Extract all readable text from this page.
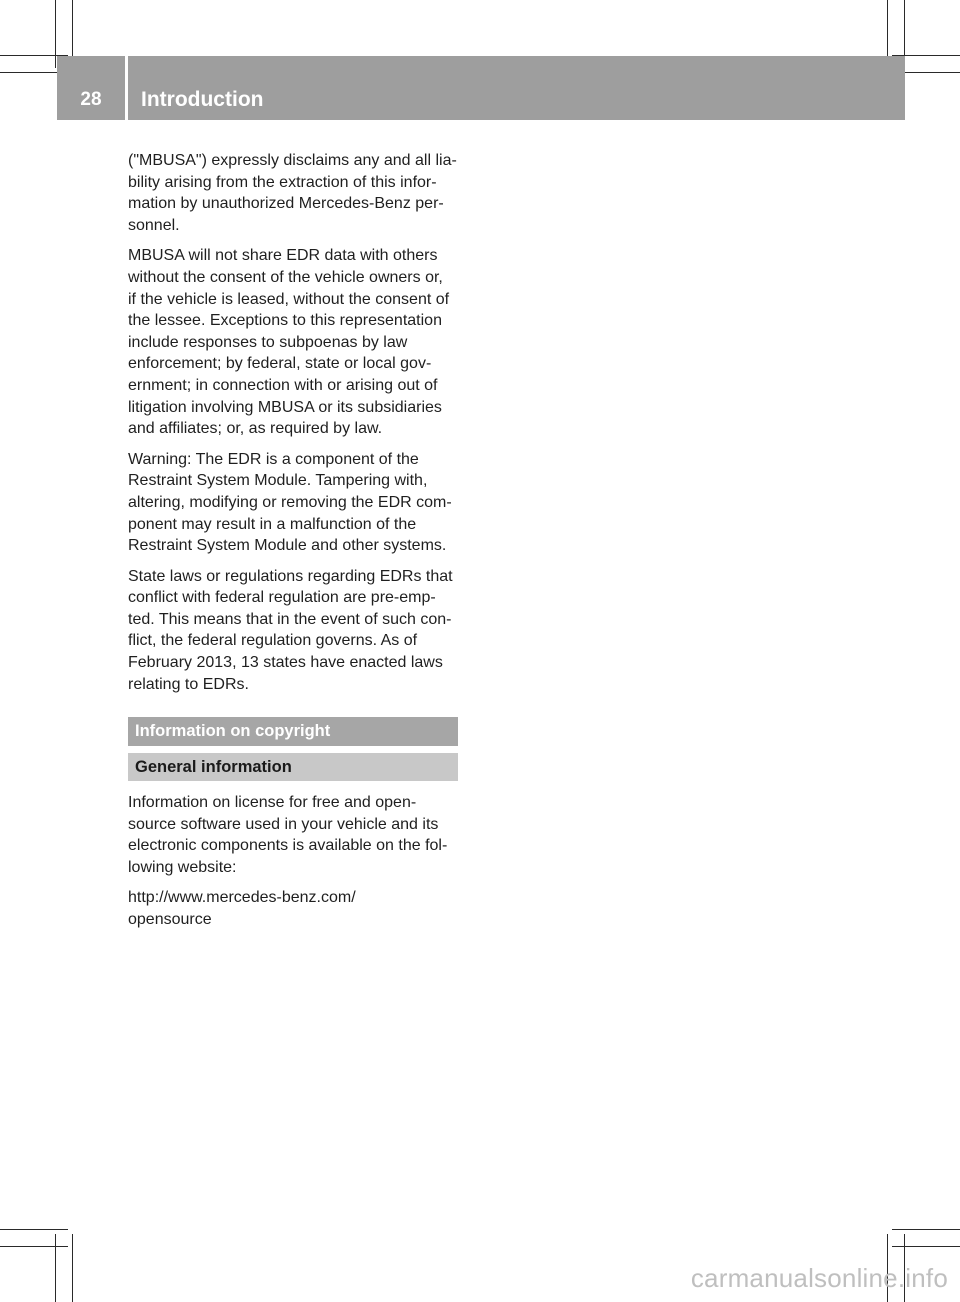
28	Introduction

("MBUSA") expressly disclaims any and all lia-
bility arising from the extraction of this infor-
mation by unauthorized Mercedes-Benz per-
sonnel.

MBUSA will not share EDR data with others
without the consent of the vehicle owners or,
if the vehicle is leased, without the consent of
the lessee. Exceptions to this representation
include responses to subpoenas by law
enforcement; by federal, state or local gov-
ernment; in connection with or arising out of
litigation involving MBUSA or its subsidiaries
and affiliates; or, as required by law.

Warning: The EDR is a component of the
Restraint System Module. Tampering with,
altering, modifying or removing the EDR com-
ponent may result in a malfunction of the
Restraint System Module and other systems.

State laws or regulations regarding EDRs that
conflict with federal regulation are pre-emp-
ted. This means that in the event of such con-
flict, the federal regulation governs. As of
February 2013, 13 states have enacted laws
relating to EDRs.

Information on copyright
General information

Information on license for free and open-
source software used in your vehicle and its
electronic components is available on the fol-
lowing website:

http://www.mercedes-benz.com/
opensource

carmanualsonline.info
